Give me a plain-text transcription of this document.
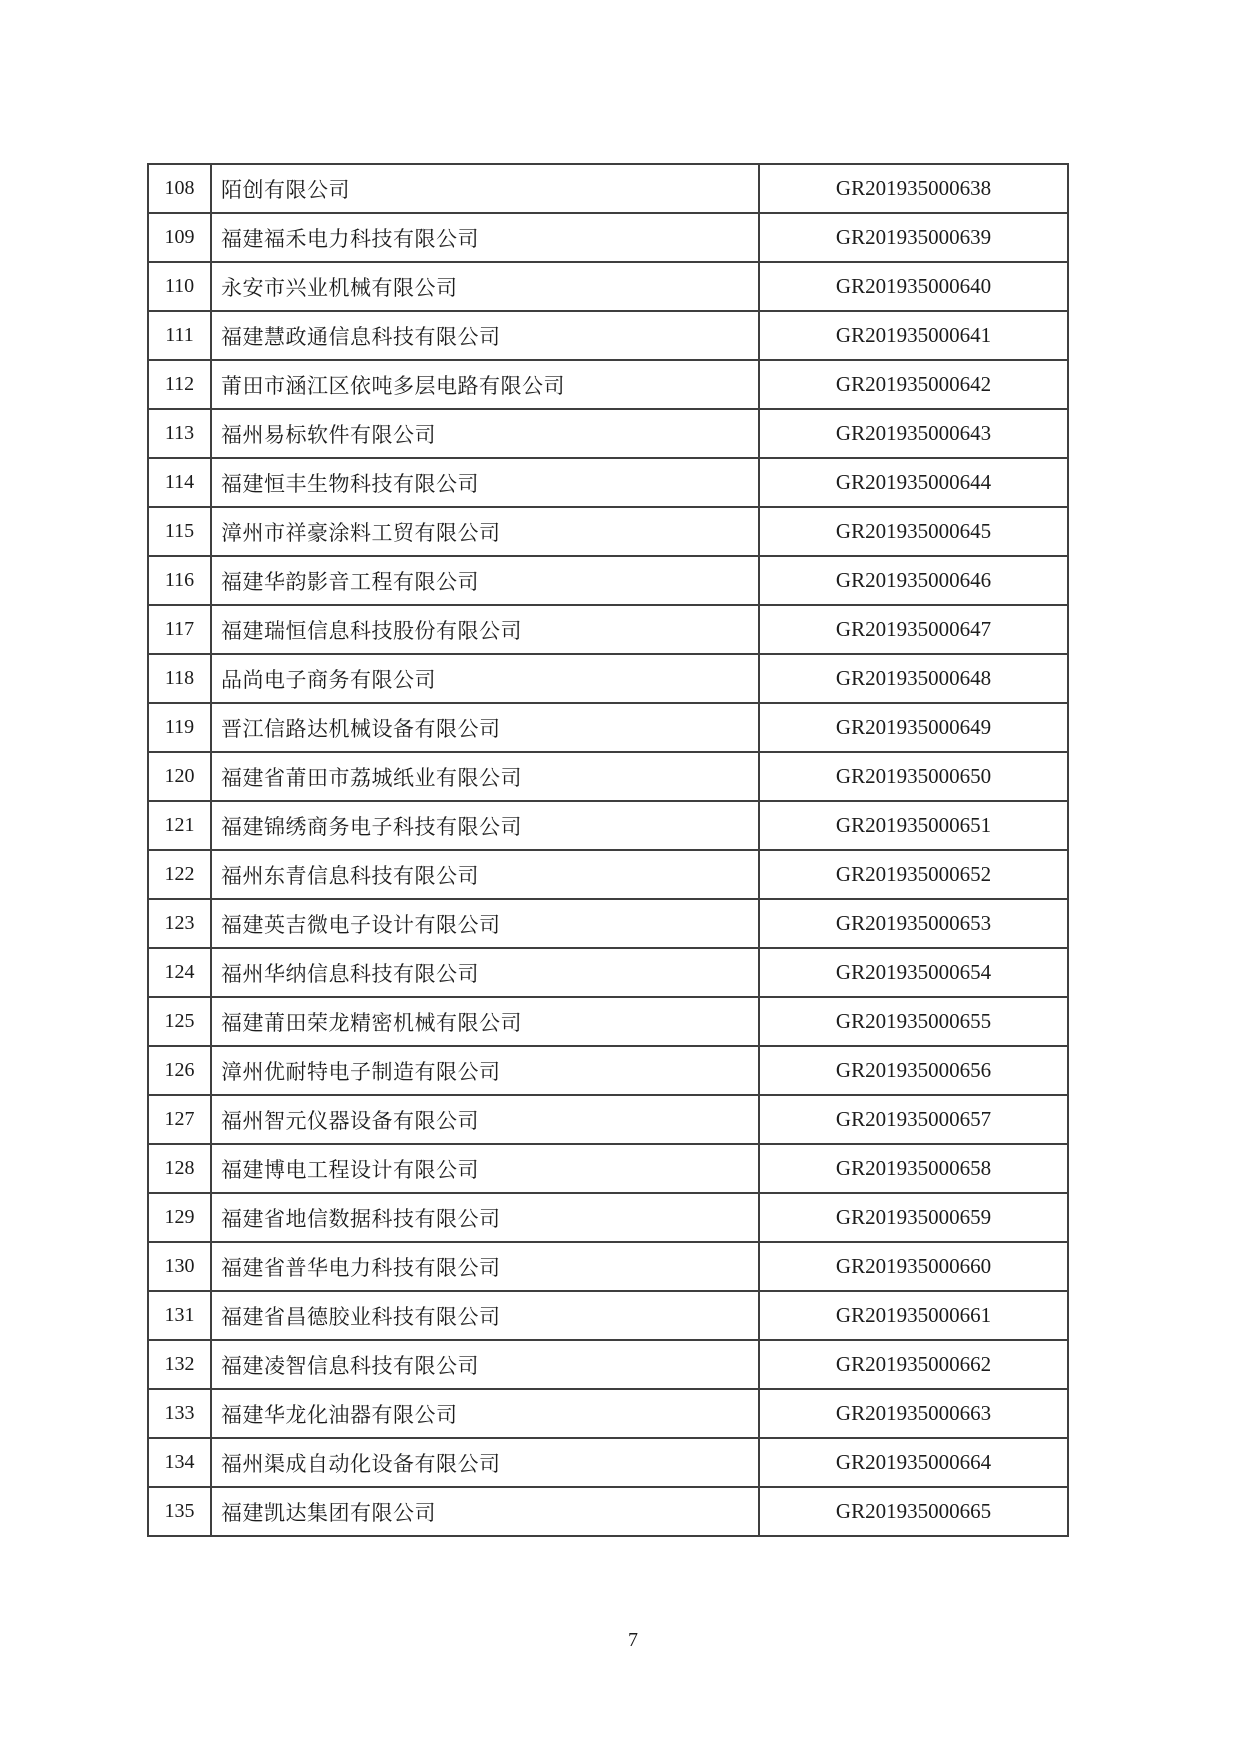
108	陌创有限公司	GR201935000638
109	福建福禾电力科技有限公司	GR201935000639
110	永安市兴业机械有限公司	GR201935000640
111	福建慧政通信息科技有限公司	GR201935000641
112	莆田市涵江区依吨多层电路有限公司	GR201935000642
113	福州易标软件有限公司	GR201935000643
114	福建恒丰生物科技有限公司	GR201935000644
115	漳州市祥豪涂料工贸有限公司	GR201935000645
116	福建华韵影音工程有限公司	GR201935000646
117	福建瑞恒信息科技股份有限公司	GR201935000647
118	品尚电子商务有限公司	GR201935000648
119	晋江信路达机械设备有限公司	GR201935000649
120	福建省莆田市荔城纸业有限公司	GR201935000650
121	福建锦绣商务电子科技有限公司	GR201935000651
122	福州东青信息科技有限公司	GR201935000652
123	福建英吉微电子设计有限公司	GR201935000653
124	福州华纳信息科技有限公司	GR201935000654
125	福建莆田荣龙精密机械有限公司	GR201935000655
126	漳州优耐特电子制造有限公司	GR201935000656
127	福州智元仪器设备有限公司	GR201935000657
128	福建博电工程设计有限公司	GR201935000658
129	福建省地信数据科技有限公司	GR201935000659
130	福建省普华电力科技有限公司	GR201935000660
131	福建省昌德胶业科技有限公司	GR201935000661
132	福建凌智信息科技有限公司	GR201935000662
133	福建华龙化油器有限公司	GR201935000663
134	福州渠成自动化设备有限公司	GR201935000664
135	福建凯达集团有限公司	GR201935000665
7
